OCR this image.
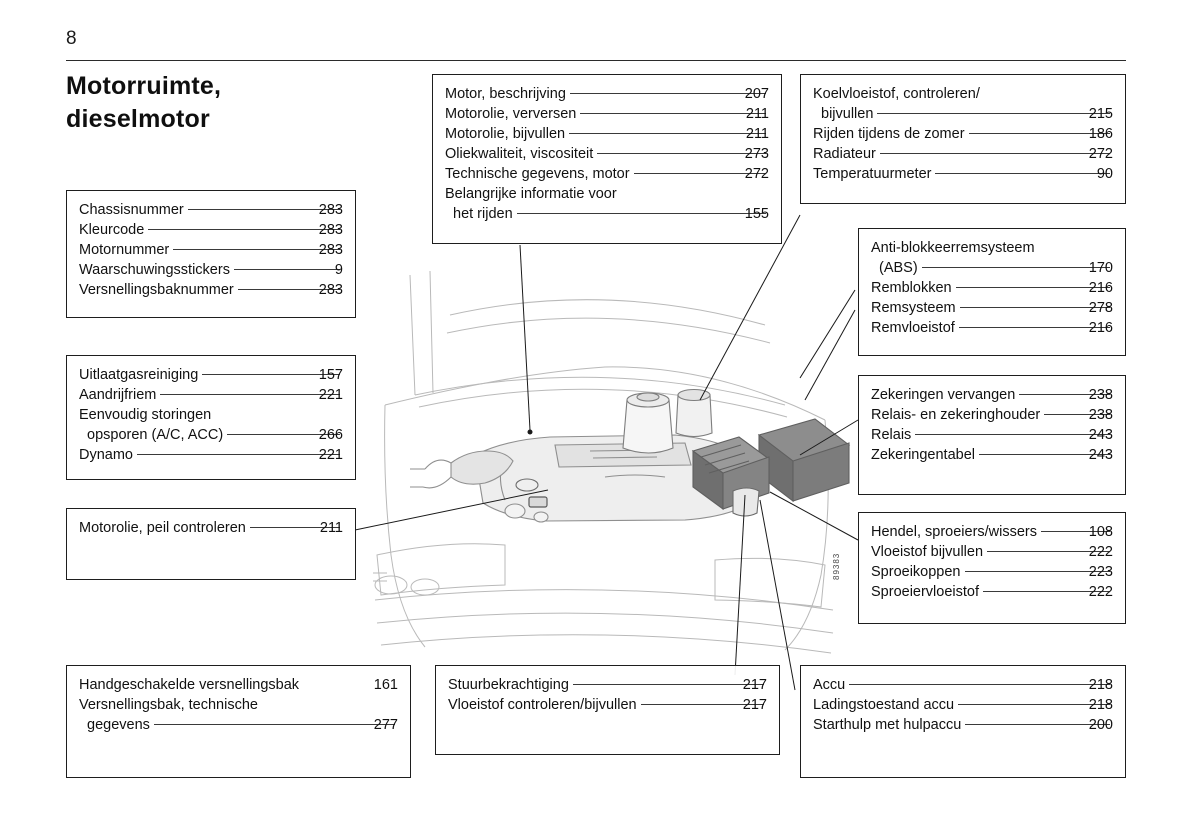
8
Motorruimte,
dieselmotor
89383
Chassisnummer	283
Kleurcode	283
Motornummer	283
Waarschuwingsstickers	9
Versnellingsbaknummer	283
Uitlaatgasreiniging	157
Aandrijfriem	221
Eenvoudig storingen
opsporen (A/C, ACC)	266
Dynamo	221
Motorolie, peil controleren	211
Handgeschakelde versnellingsbak	161
Versnellingsbak, technische
gegevens	277
Motor, beschrijving	207
Motorolie, verversen	211
Motorolie, bijvullen	211
Oliekwaliteit, viscositeit	273
Technische gegevens, motor	272
Belangrijke informatie voor
het rijden	155
Stuurbekrachtiging	217
Vloeistof controleren/bijvullen	217
Koelvloeistof, controleren/
bijvullen	215
Rijden tijdens de zomer	186
Radiateur	272
Temperatuurmeter	90
Anti-blokkeerremsysteem
(ABS)	170
Remblokken	216
Remsysteem	278
Remvloeistof	216
Zekeringen vervangen	238
Relais- en zekeringhouder	238
Relais	243
Zekeringentabel	243
Hendel, sproeiers/wissers	108
Vloeistof bijvullen	222
Sproeikoppen	223
Sproeiervloeistof	222
Accu	218
Ladingstoestand accu	218
Starthulp met hulpaccu	200
